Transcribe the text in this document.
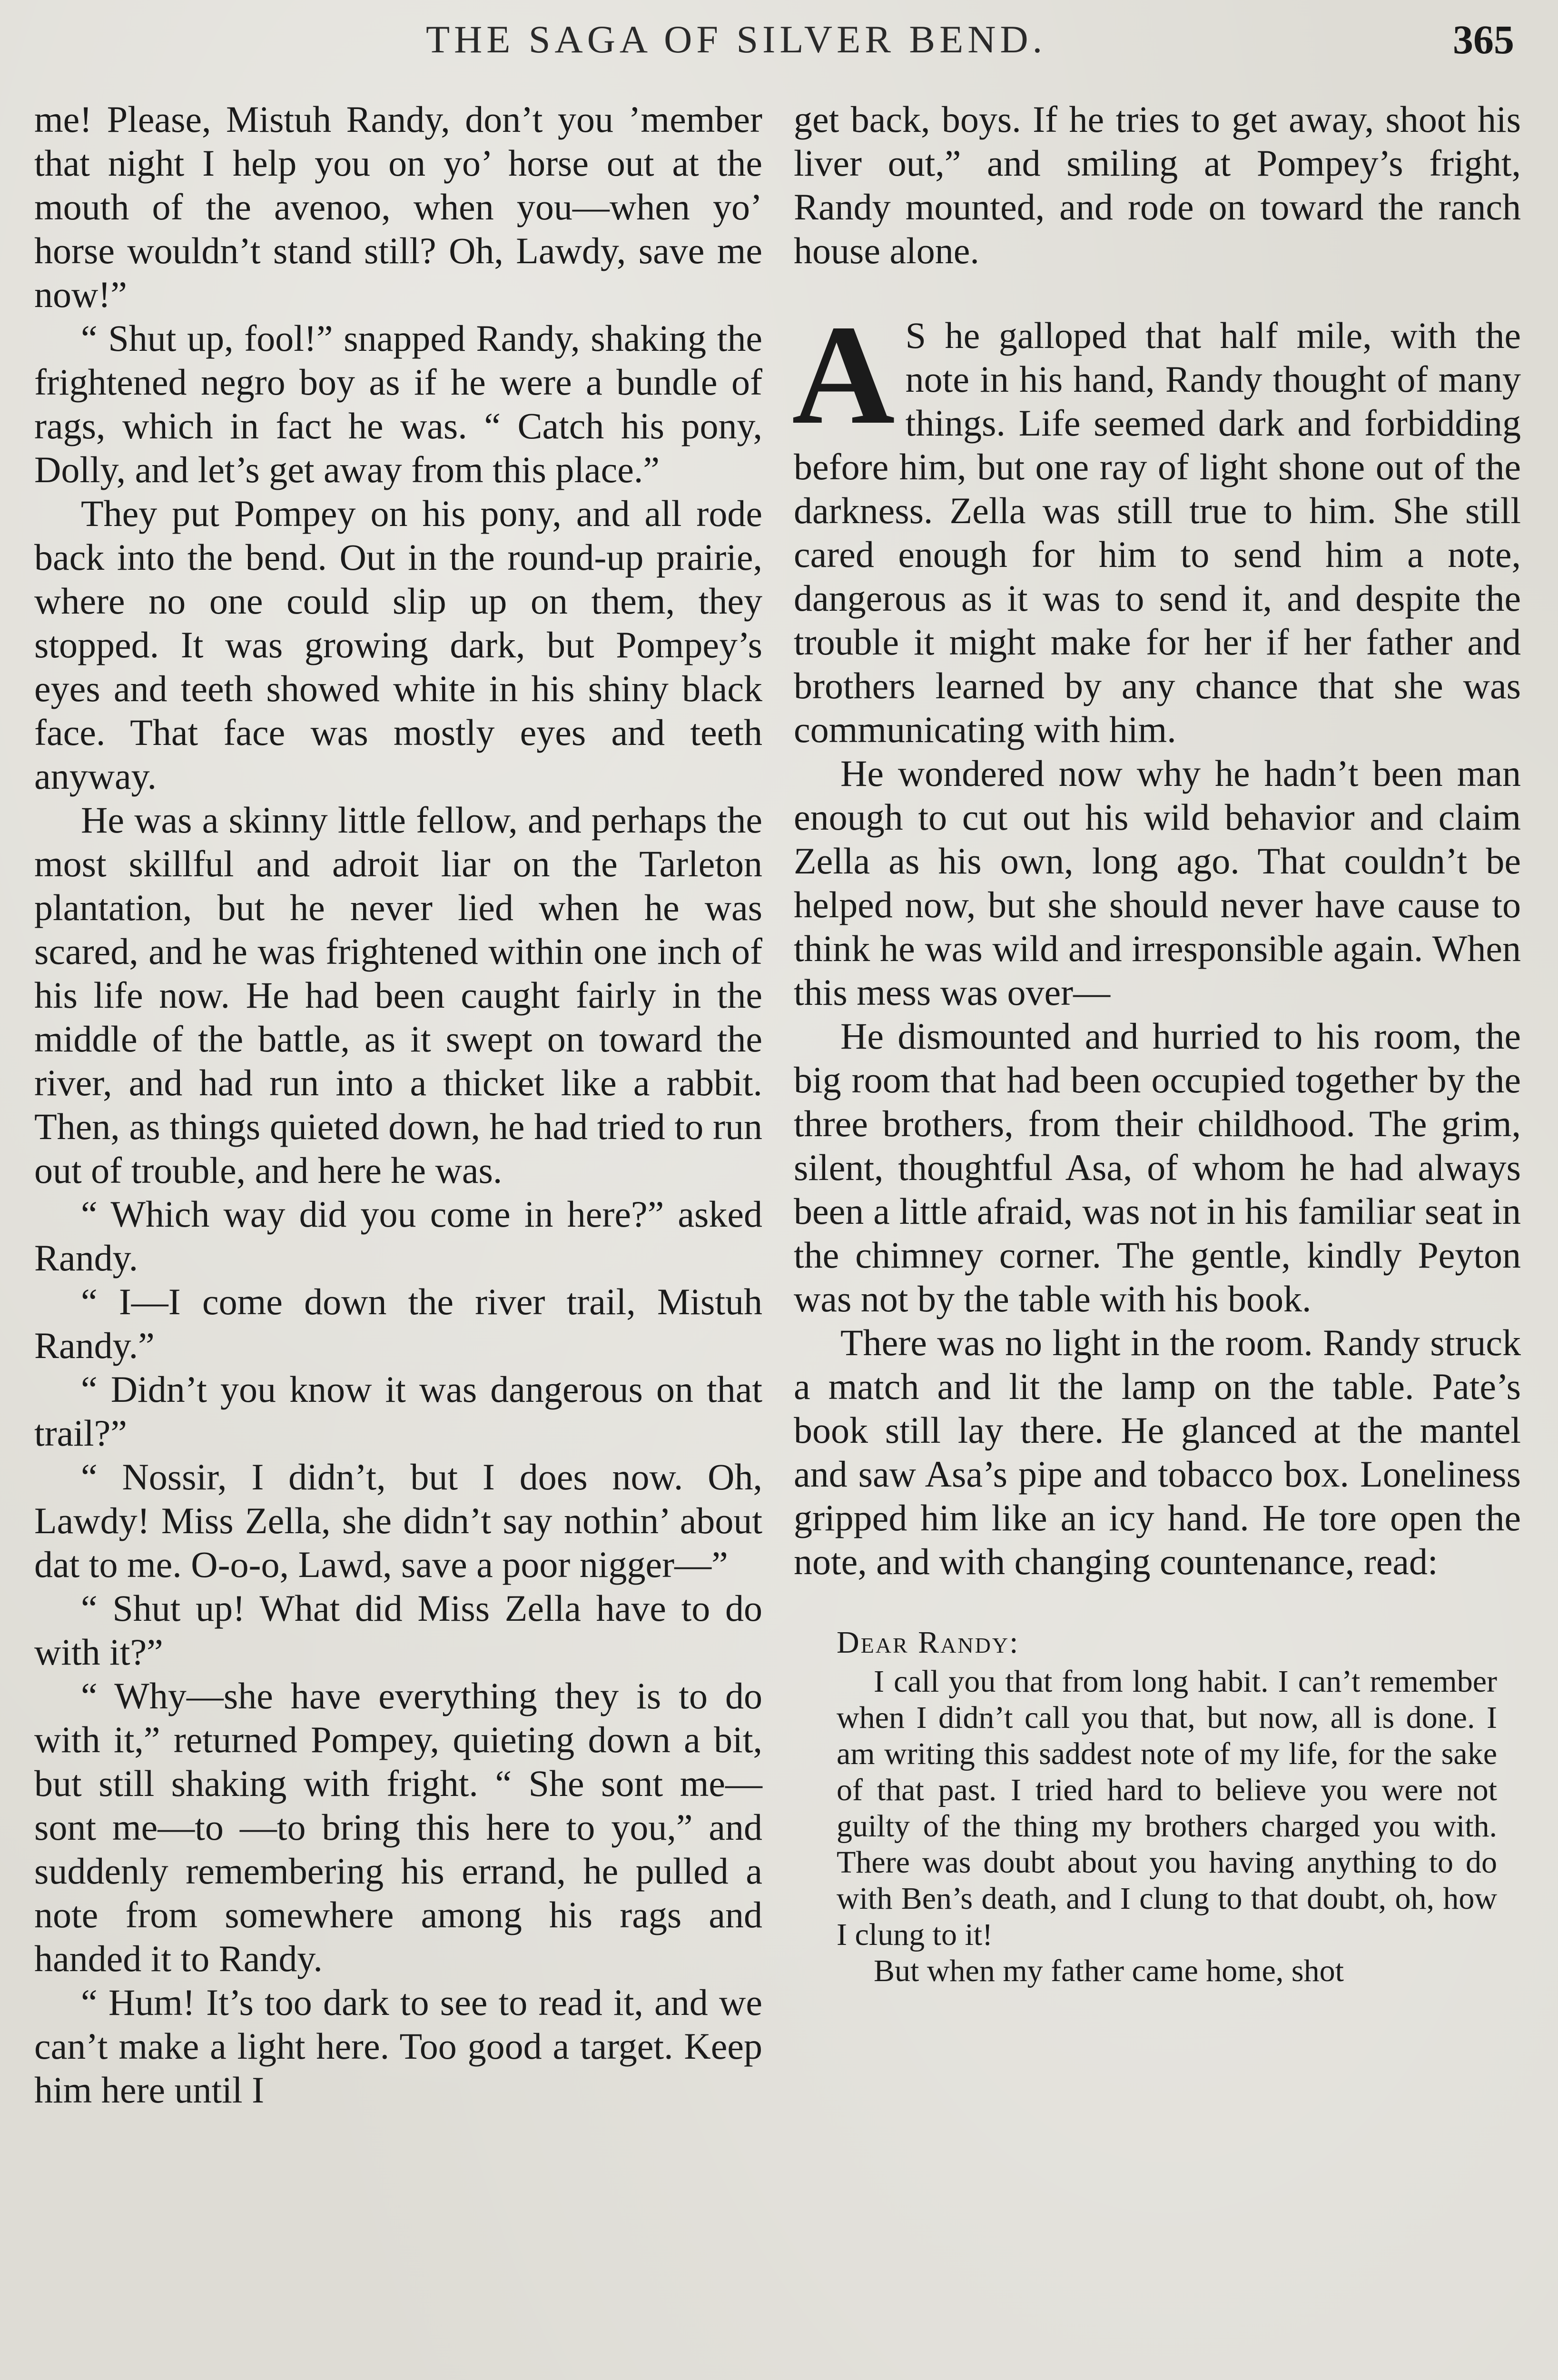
THE SAGA OF SILVER BEND.	365

me! Please, Mistuh Randy, don’t you ’member that night I help you on yo’ horse out at the mouth of the avenoo, when you—when yo’ horse wouldn’t stand still? Oh, Lawdy, save me now!”

“ Shut up, fool!” snapped Randy, shaking the frightened negro boy as if he were a bundle of rags, which in fact he was. “ Catch his pony, Dolly, and let’s get away from this place.”

They put Pompey on his pony, and all rode back into the bend. Out in the round-up prairie, where no one could slip up on them, they stopped. It was growing dark, but Pompey’s eyes and teeth showed white in his shiny black face. That face was mostly eyes and teeth anyway.

He was a skinny little fellow, and perhaps the most skillful and adroit liar on the Tarleton plantation, but he never lied when he was scared, and he was frightened within one inch of his life now. He had been caught fairly in the middle of the battle, as it swept on toward the river, and had run into a thicket like a rabbit. Then, as things quieted down, he had tried to run out of trouble, and here he was.

“ Which way did you come in here?” asked Randy.

“ I—I come down the river trail, Mistuh Randy.”

“ Didn’t you know it was dangerous on that trail?”

“ Nossir, I didn’t, but I does now. Oh, Lawdy! Miss Zella, she didn’t say nothin’ about dat to me. O-o-o, Lawd, save a poor nigger—”

“ Shut up! What did Miss Zella have to do with it?”

“ Why—she have everything they is to do with it,” returned Pompey, quieting down a bit, but still shaking with fright. “ She sont me—sont me—to —to bring this here to you,” and suddenly remembering his errand, he pulled a note from somewhere among his rags and handed it to Randy.

“ Hum! It’s too dark to see to read it, and we can’t make a light here. Too good a target. Keep him here until I

get back, boys. If he tries to get away, shoot his liver out,” and smiling at Pompey’s fright, Randy mounted, and rode on toward the ranch house alone.

A S he galloped that half mile, with the note in his hand, Randy thought of many things. Life seemed dark and forbidding before him, but one ray of light shone out of the darkness. Zella was still true to him. She still cared enough for him to send him a note, dangerous as it was to send it, and despite the trouble it might make for her if her father and brothers learned by any chance that she was communicating with him.

He wondered now why he hadn’t been man enough to cut out his wild behavior and claim Zella as his own, long ago. That couldn’t be helped now, but she should never have cause to think he was wild and irresponsible again. When this mess was over—

He dismounted and hurried to his room, the big room that had been occupied together by the three brothers, from their childhood. The grim, silent, thoughtful Asa, of whom he had always been a little afraid, was not in his familiar seat in the chimney corner. The gentle, kindly Peyton was not by the table with his book.

There was no light in the room. Randy struck a match and lit the lamp on the table. Pate’s book still lay there. He glanced at the mantel and saw Asa’s pipe and tobacco box. Loneliness gripped him like an icy hand. He tore open the note, and with changing countenance, read:

Dear Randy:

I call you that from long habit. I can’t remember when I didn’t call you that, but now, all is done. I am writing this saddest note of my life, for the sake of that past. I tried hard to believe you were not guilty of the thing my brothers charged you with. There was doubt about you having anything to do with Ben’s death, and I clung to that doubt, oh, how I clung to it!

But when my father came home, shot
